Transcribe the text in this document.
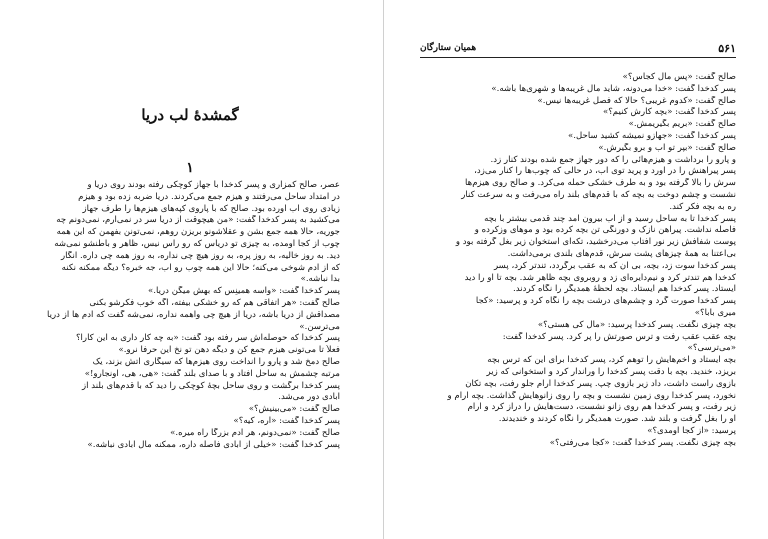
گمشدهٔ لب دریا
۱
عصر، صالح کمزاری و پسر کدخدا با جهاز کوچکی رفته بودند روی دریا و
در امتداد ساحل می‌رفتند و هیزم جمع می‌کردند. دریا ضربه زده بود و هیزم
زیادی روی آب آورده بود. صالح که با پاروی کپه‌های هیزم‌ها را طرف جهاز
می‌کشید به پسر کدخدا گفت: «من هیچوقت از دریا سر در نمی‌آرم، نمی‌دونم چه
جوریه، حالا همه جمع بشن و عقلاشونو بریزن روهم، نمی‌تونن بفهمن که این همه
چوب از کجا اومده، به چیزی تو دریاس که رو راس نیس، ظاهر و باطنشو نمی‌شه
دید. به روز خالیه، به روز پره، به روز هیچ چی نداره، به روز همه چی داره. انگار
که از آدم شوخی می‌کنه؛ حالا این همه چوب رو آب، جه خبره؟ دیگه ممکنه نکنه
بدا نباشه.»
پسر کدخدا گفت: «واسه همینِس که بهش میگن دریا.»
صالح گفت: «هر اتفاقی هم که رو خشکی بیفته، اگه خوب فکرشو بکنی
مصداقش از دریا باشه، دریا از هیچ چی واهمه نداره، نمی‌شه گفت که آدم ها از دریا
می‌ترسن.»
پسر کدخدا که حوصله‌اش سر رفته بود گفت: «به چه کار داری به این کارا؟
فعلاً تا می‌تونی هیزم جمع کن و دیگه دهن تو نخ این حرفا نرو.»
صالح دمخ شد و پارو را انداخت روی هیزم‌ها که سیگاری آتش بزند، یک
مرتبه چشمش به ساحل افتاد و با صدای بلند گفت: «هی، هی، اونجارو!»
پسر کدخدا برگشت و روی ساحل بچهٔ کوچکی را دید که با قدم‌های بلند از
آبادی دور می‌شد.
صالح گفت: «می‌بینیش؟»
پسر کدخدا گفت: «آره، کیه؟»
صالح گفت: «نمی‌دونم، هر آدم بزرگا راه میره.»
پسر کدخدا گفت: «خیلی از آبادی فاصله داره، ممکنه مال آبادی نباشه.»
۵۶۱
همیان ستارگان
صالح گفت: «پس مال کجاس؟»
پسر کدخدا گفت: «خدا می‌دونه، شاید مال غریبه‌ها و شهری‌ها باشه.»
صالح گفت: «کدوم غریبی؟ حالا که فصل غریبه‌ها نیس.»
پسر کدخدا گفت: «بچه کارش کنیم؟»
صالح گفت: «بریم بگیریمش.»
پسر کدخدا گفت: «جهازو نمیشه کشید ساحل.»
صالح گفت: «بپر تو آب و برو بگیرش.»
و پارو را برداشت و هیزم‌هائی را که دور جهاز جمع شده بودند کنار زد.
پسر پیراهنش را در آورد و پرید توی آب، در حالی که چوب‌ها را کنار می‌زد،
سرش را بالا گرفته بود و به طرف خشکی حمله می‌کرد. و صالح روی هیزم‌ها
نشست و چشم دوخت به بچه که با قدم‌های بلند راه می‌رفت و به سرعت کنار
ره به بچه فکر کند.
پسر کدخدا تا به ساحل رسید و از آب بیرون آمد چند قدمی بیشتر با بچه
فاصله نداشت. پیراهن نازک و دورنگی تن بچه کرده بود و موهای وزکرده و
پوست شفافش زیر نور آفتاب می‌درخشید، تکه‌ای استخوان زیر بغل گرفته بود و
بی‌اعتنا به همهٔ چیزهای پشت سرش، قدم‌های بلندی برمی‌داشت.
پسر کدخدا سوت زد، بچه، بی آن که به عقب برگردد، تندتر کرد، پسر
کدخدا هم تندتر کرد و نیم‌دایره‌ای زد و روبروی بچه ظاهر شد. بچه تا او را دید
ایستاد. پسر کدخدا هم ایستاد. بچه لحظهٔ همدیگر را نگاه کردند.
پسر کدخدا صورت گرد و چشم‌های درشت بچه را نگاه کرد و پرسید: «کجا
میری بابا؟»
بچه چیزی نگفت. پسر کدخدا پرسید: «مال کی هستی؟»
بچه عقب عقب رفت و ترس صورتش را پر کرد. پسر کدخدا گفت:
«می‌ترسی؟»
بچه ایستاد و اخم‌هایش را توهم کرد، پسر کدخدا برای این که ترس بچه
بریزد، خندید. بچه با دقت پسر کدخدا را وراندار کرد و استخوانی که زیر
بازوی راست داشت، داد زیر بازوی چپ. پسر کدخدا آرام جلو رفت، بچه تکان
نخورد، پسر کدخدا روی زمین نشست و بچه را روی زانوهایش گذاشت. بچه آرام و
زیر رفت، و پسر کدخدا هم روی زانو نشست، دست‌هایش را دراز کرد و آرام
او را بغل گرفت و بلند شد. صورت همدیگر را نگاه کردند و خندیدند.
پرسید: «از کجا اومدی؟»
بچه چیزی نگفت. پسر کدخدا گفت: «کجا می‌رفتی؟»
